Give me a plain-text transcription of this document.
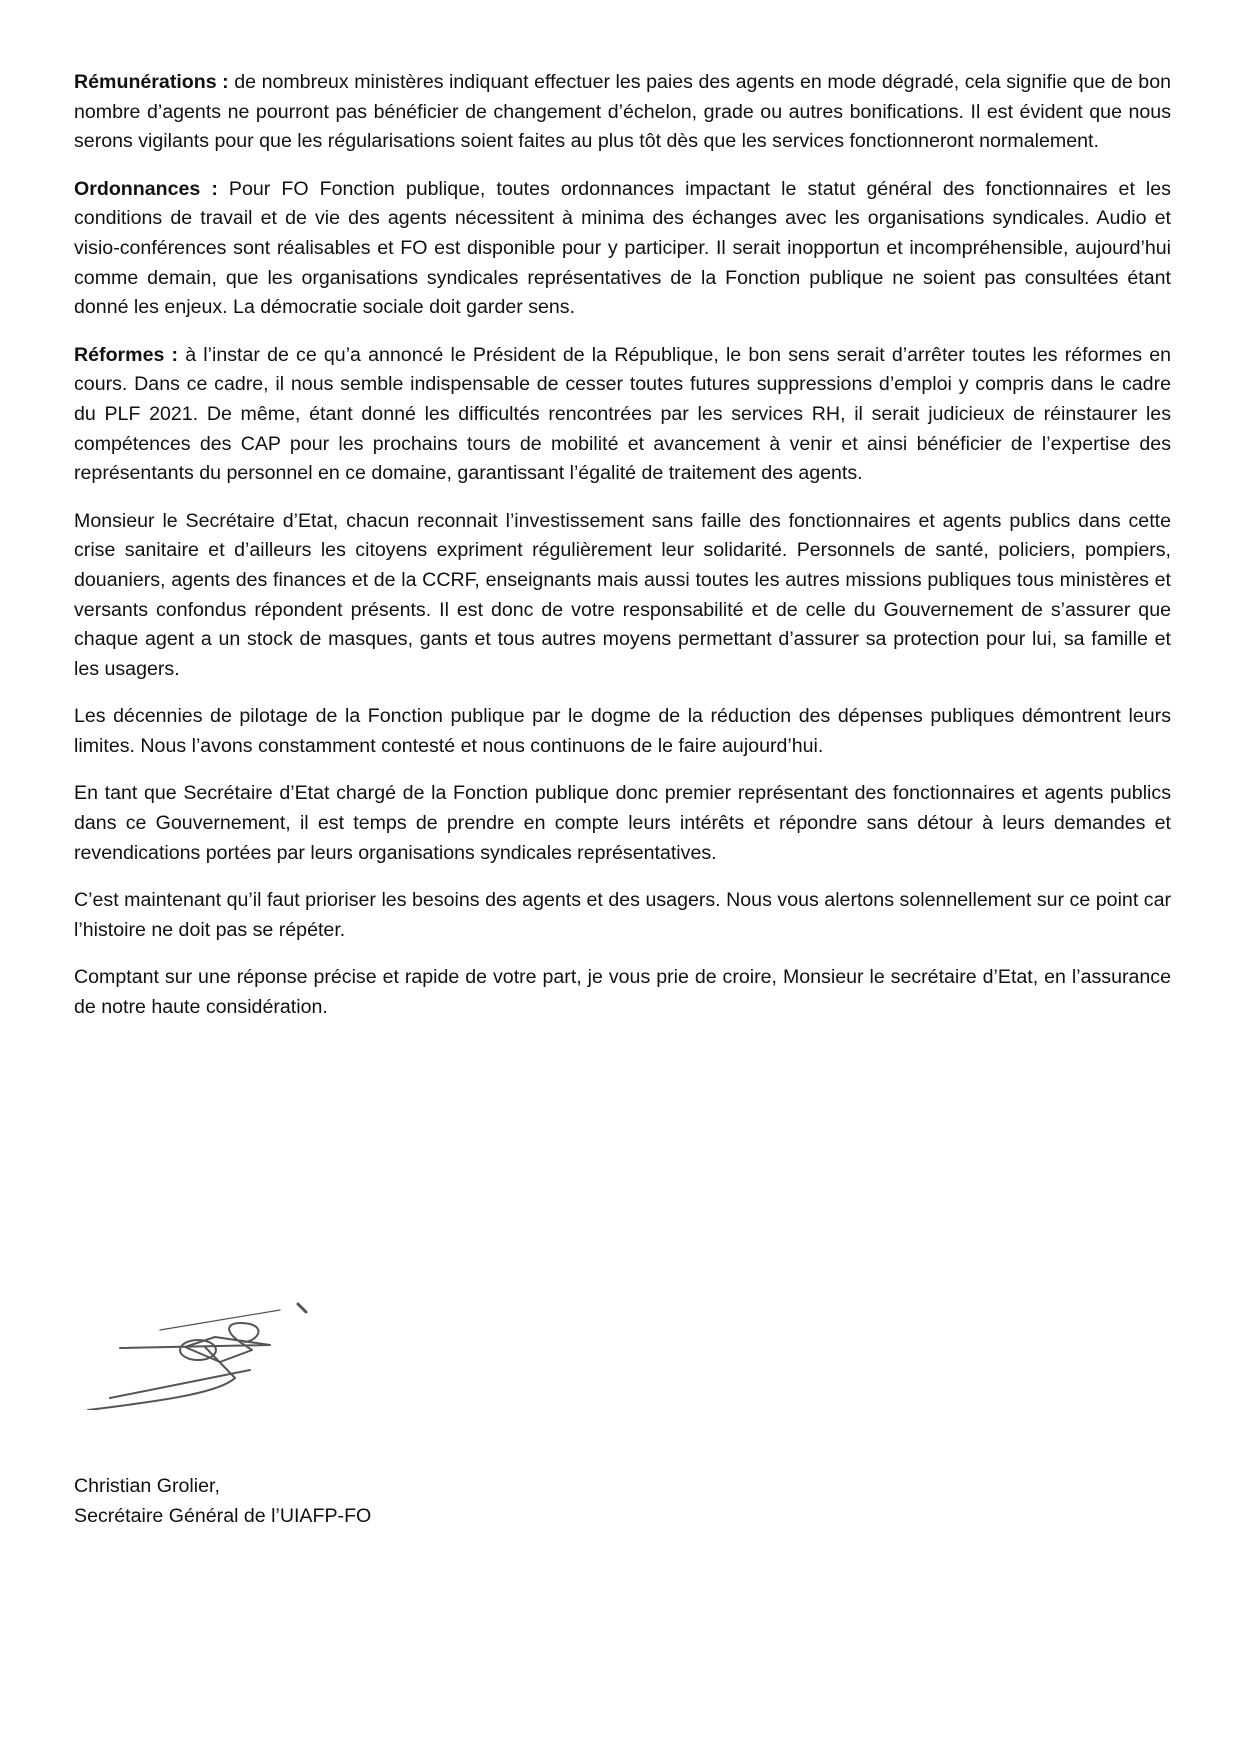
Rémunérations : de nombreux ministères indiquant effectuer les paies des agents en mode dégradé, cela signifie que de bon nombre d’agents ne pourront pas bénéficier de changement d’échelon, grade ou autres bonifications. Il est évident que nous serons vigilants pour que les régularisations soient faites au plus tôt dès que les services fonctionneront normalement.

Ordonnances : Pour FO Fonction publique, toutes ordonnances impactant le statut général des fonctionnaires et les conditions de travail et de vie des agents nécessitent à minima des échanges avec les organisations syndicales. Audio et visio-conférences sont réalisables et FO est disponible pour y participer. Il serait inopportun et incompréhensible, aujourd’hui comme demain, que les organisations syndicales représentatives de la Fonction publique ne soient pas consultées étant donné les enjeux. La démocratie sociale doit garder sens.

Réformes : à l’instar de ce qu’a annoncé le Président de la République, le bon sens serait d’arrêter toutes les réformes en cours. Dans ce cadre, il nous semble indispensable de cesser toutes futures suppressions d’emploi y compris dans le cadre du PLF 2021. De même, étant donné les difficultés rencontrées par les services RH, il serait judicieux de réinstaurer les compétences des CAP pour les prochains tours de mobilité et avancement à venir et ainsi bénéficier de l’expertise des représentants du personnel en ce domaine, garantissant l’égalité de traitement des agents.

Monsieur le Secrétaire d’Etat, chacun reconnait l’investissement sans faille des fonctionnaires et agents publics dans cette crise sanitaire et d’ailleurs les citoyens expriment régulièrement leur solidarité. Personnels de santé, policiers, pompiers, douaniers, agents des finances et de la CCRF, enseignants mais aussi toutes les autres missions publiques tous ministères et versants confondus répondent présents. Il est donc de votre responsabilité et de celle du Gouvernement de s’assurer que chaque agent a un stock de masques, gants et tous autres moyens permettant d’assurer sa protection pour lui, sa famille et les usagers.

Les décennies de pilotage de la Fonction publique par le dogme de la réduction des dépenses publiques démontrent leurs limites. Nous l’avons constamment contesté et nous continuons de le faire aujourd’hui.

En tant que Secrétaire d’Etat chargé de la Fonction publique donc premier représentant des fonctionnaires et agents publics dans ce Gouvernement, il est temps de prendre en compte leurs intérêts et répondre sans détour à leurs demandes et revendications portées par leurs organisations syndicales représentatives.

C’est maintenant qu’il faut prioriser les besoins des agents et des usagers. Nous vous alertons solennellement sur ce point car l’histoire ne doit pas se répéter.

Comptant sur une réponse précise et rapide de votre part, je vous prie de croire, Monsieur le secrétaire d’Etat, en l’assurance de notre haute considération.

Christian Grolier,
Secrétaire Général de l’UIAFP-FO
